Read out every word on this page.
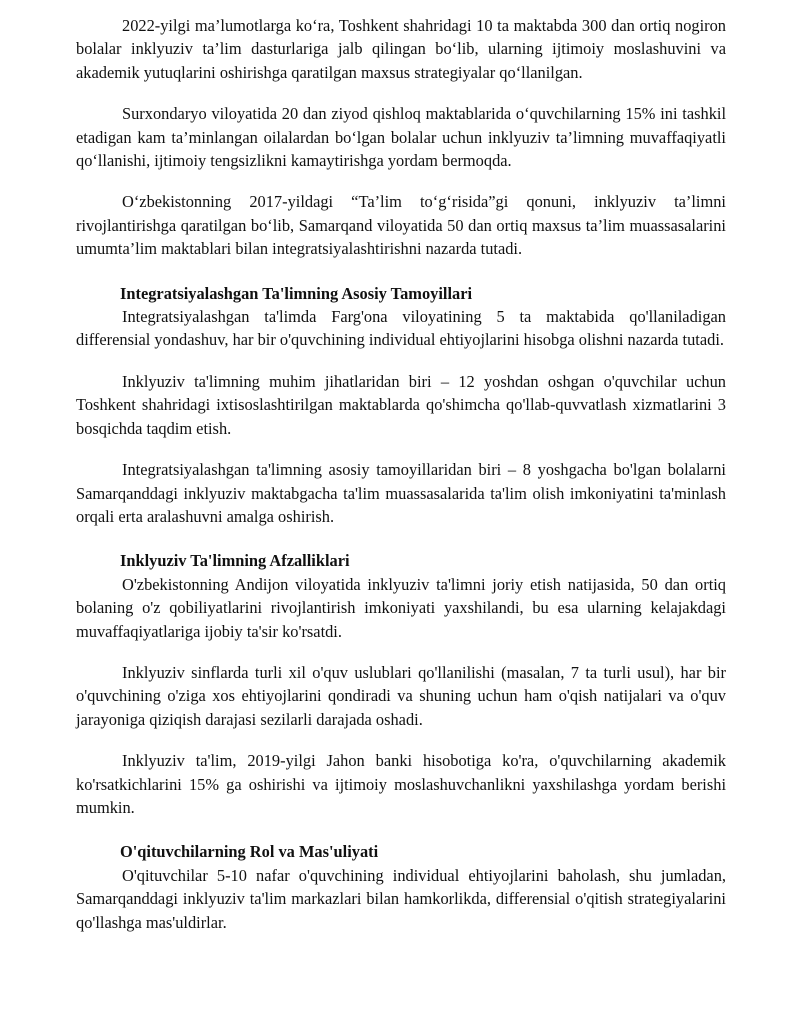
2022-yilgi ma’lumotlarga ko‘ra, Toshkent shahridagi 10 ta maktabda 300 dan ortiq nogiron bolalar inklyuziv ta’lim dasturlariga jalb qilingan bo‘lib, ularning ijtimoiy moslashuvini va akademik yutuqlarini oshirishga qaratilgan maxsus strategiyalar qo‘llanilgan.

Surxondaryo viloyatida 20 dan ziyod qishloq maktablarida o‘quvchilarning 15% ini tashkil etadigan kam ta’minlangan oilalardan bo‘lgan bolalar uchun inklyuziv ta’limning muvaffaqiyatli qo‘llanishi, ijtimoiy tengsizlikni kamaytirishga yordam bermoqda.

O‘zbekistonning 2017-yildagi “Ta’lim to‘g‘risida”gi qonuni, inklyuziv ta’limni rivojlantirishga qaratilgan bo‘lib, Samarqand viloyatida 50 dan ortiq maxsus ta’lim muassasalarini umumta’lim maktablari bilan integratsiyalashtirishni nazarda tutadi.

Integratsiyalashgan Ta'limning Asosiy Tamoyillari

Integratsiyalashgan ta'limda Farg'ona viloyatining 5 ta maktabida qo'llaniladigan differensial yondashuv, har bir o'quvchining individual ehtiyojlarini hisobga olishni nazarda tutadi.

Inklyuziv ta'limning muhim jihatlaridan biri – 12 yoshdan oshgan o'quvchilar uchun Toshkent shahridagi ixtisoslashtirilgan maktablarda qo'shimcha qo'llab-quvvatlash xizmatlarini 3 bosqichda taqdim etish.

Integratsiyalashgan ta'limning asosiy tamoyillaridan biri – 8 yoshgacha bo'lgan bolalarni Samarqanddagi inklyuziv maktabgacha ta'lim muassasalarida ta'lim olish imkoniyatini ta'minlash orqali erta aralashuvni amalga oshirish.

Inklyuziv Ta'limning Afzalliklari

O'zbekistonning Andijon viloyatida inklyuziv ta'limni joriy etish natijasida, 50 dan ortiq bolaning o'z qobiliyatlarini rivojlantirish imkoniyati yaxshilandi, bu esa ularning kelajakdagi muvaffaqiyatlariga ijobiy ta'sir ko'rsatdi.

Inklyuziv sinflarda turli xil o'quv uslublari qo'llanilishi (masalan, 7 ta turli usul), har bir o'quvchining o'ziga xos ehtiyojlarini qondiradi va shuning uchun ham o'qish natijalari va o'quv jarayoniga qiziqish darajasi sezilarli darajada oshadi.

Inklyuziv ta'lim, 2019-yilgi Jahon banki hisobotiga ko'ra, o'quvchilarning akademik ko'rsatkichlarini 15% ga oshirishi va ijtimoiy moslashuvchanlikni yaxshilashga yordam berishi mumkin.

O'qituvchilarning Rol va Mas'uliyati

O'qituvchilar 5-10 nafar o'quvchining individual ehtiyojlarini baholash, shu jumladan, Samarqanddagi inklyuziv ta'lim markazlari bilan hamkorlikda, differensial o'qitish strategiyalarini qo'llashga mas'uldirlar.
